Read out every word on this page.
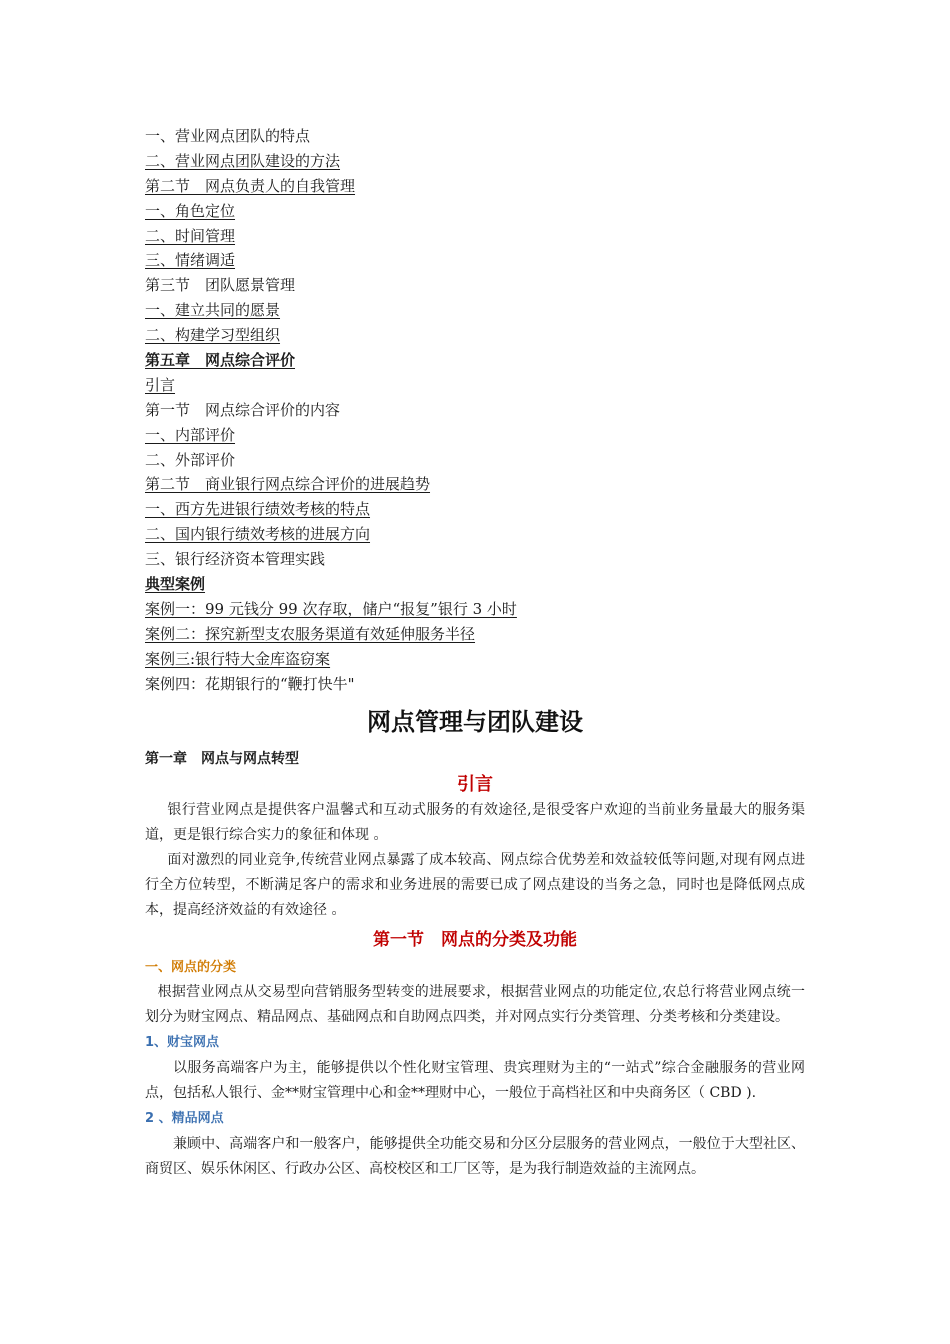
一、营业网点团队的特点
二、营业网点团队建设的方法
第二节　网点负责人的自我管理
一、角色定位
二、时间管理
三、情绪调适
第三节　团队愿景管理
一、建立共同的愿景
二、构建学习型组织
第五章　网点综合评价
引言
第一节　网点综合评价的内容
一、内部评价
二、外部评价
第二节　商业银行网点综合评价的进展趋势
一、西方先进银行绩效考核的特点
二、国内银行绩效考核的进展方向
三、银行经济资本管理实践
典型案例
案例一：99 元钱分 99 次存取，储户“报复”银行 3 小时
案例二：探究新型支农服务渠道有效延伸服务半径
案例三:银行特大金库盗窃案
案例四：花期银行的“鞭打快牛"
网点管理与团队建设
第一章　网点与网点转型
引言

银行营业网点是提供客户温馨式和互动式服务的有效途径,是很受客户欢迎的当前业务量最大的服务渠道，更是银行综合实力的象征和体现 。

面对激烈的同业竞争,传统营业网点暴露了成本较高、网点综合优势差和效益较低等问题,对现有网点进行全方位转型，不断满足客户的需求和业务进展的需要已成了网点建设的当务之急，同时也是降低网点成本，提高经济效益的有效途径 。

第一节　网点的分类及功能
一、网点的分类

根据营业网点从交易型向营销服务型转变的进展要求，根据营业网点的功能定位,农总行将营业网点统一划分为财宝网点、精品网点、基础网点和自助网点四类，并对网点实行分类管理、分类考核和分类建设。

1、财宝网点

以服务高端客户为主，能够提供以个性化财宝管理、贵宾理财为主的“一站式”综合金融服务的营业网点，包括私人银行、金**财宝管理中心和金**理财中心，一般位于高档社区和中央商务区（ CBD ).

2 、精品网点

兼顾中、高端客户和一般客户，能够提供全功能交易和分区分层服务的营业网点，一般位于大型社区、商贸区、娱乐休闲区、行政办公区、高校校区和工厂区等，是为我行制造效益的主流网点。
